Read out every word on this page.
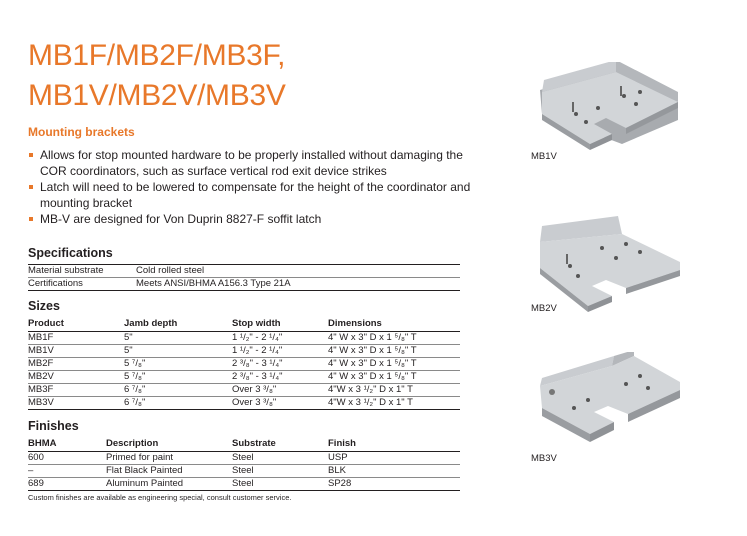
MB1F/MB2F/MB3F,
MB1V/MB2V/MB3V
Mounting brackets
Allows for stop mounted hardware to be properly installed without damaging the COR coordinators, such as surface vertical rod exit device strikes
Latch will need to be lowered to compensate for the height of the coordinator and mounting bracket
MB-V are designed for Von Duprin 8827-F soffit latch
Specifications
Material substrate	Cold rolled steel
Certifications	Meets ANSI/BHMA A156.3 Type 21A
Sizes
Product	Jamb depth	Stop width	Dimensions
MB1F	5"	1 ¹/₂" - 2 ¹/₄"	4" W x 3" D x 1 ⁵/₈" T
MB1V	5"	1 ¹/₂" - 2 ¹/₄"	4" W x 3" D x 1 ⁵/₈" T
MB2F	5 ⁷/₈"	2 ³/₈" - 3 ¹/₄"	4" W x 3" D x 1 ⁵/₈" T
MB2V	5 ⁷/₈"	2 ³/₈" - 3 ¹/₄"	4" W x 3" D x 1 ⁵/₈" T
MB3F	6 ⁷/₈"	Over 3 ³/₈"	4"W x 3 ¹/₂" D x 1" T
MB3V	6 ⁷/₈"	Over 3 ³/₈"	4"W x 3 ¹/₂" D x 1" T
Finishes
BHMA	Description	Substrate	Finish
600	Primed for paint	Steel	USP
–	Flat Black Painted	Steel	BLK
689	Aluminum Painted	Steel	SP28
Custom finishes are available as engineering special, consult customer service.
MB1V
MB2V
MB3V
